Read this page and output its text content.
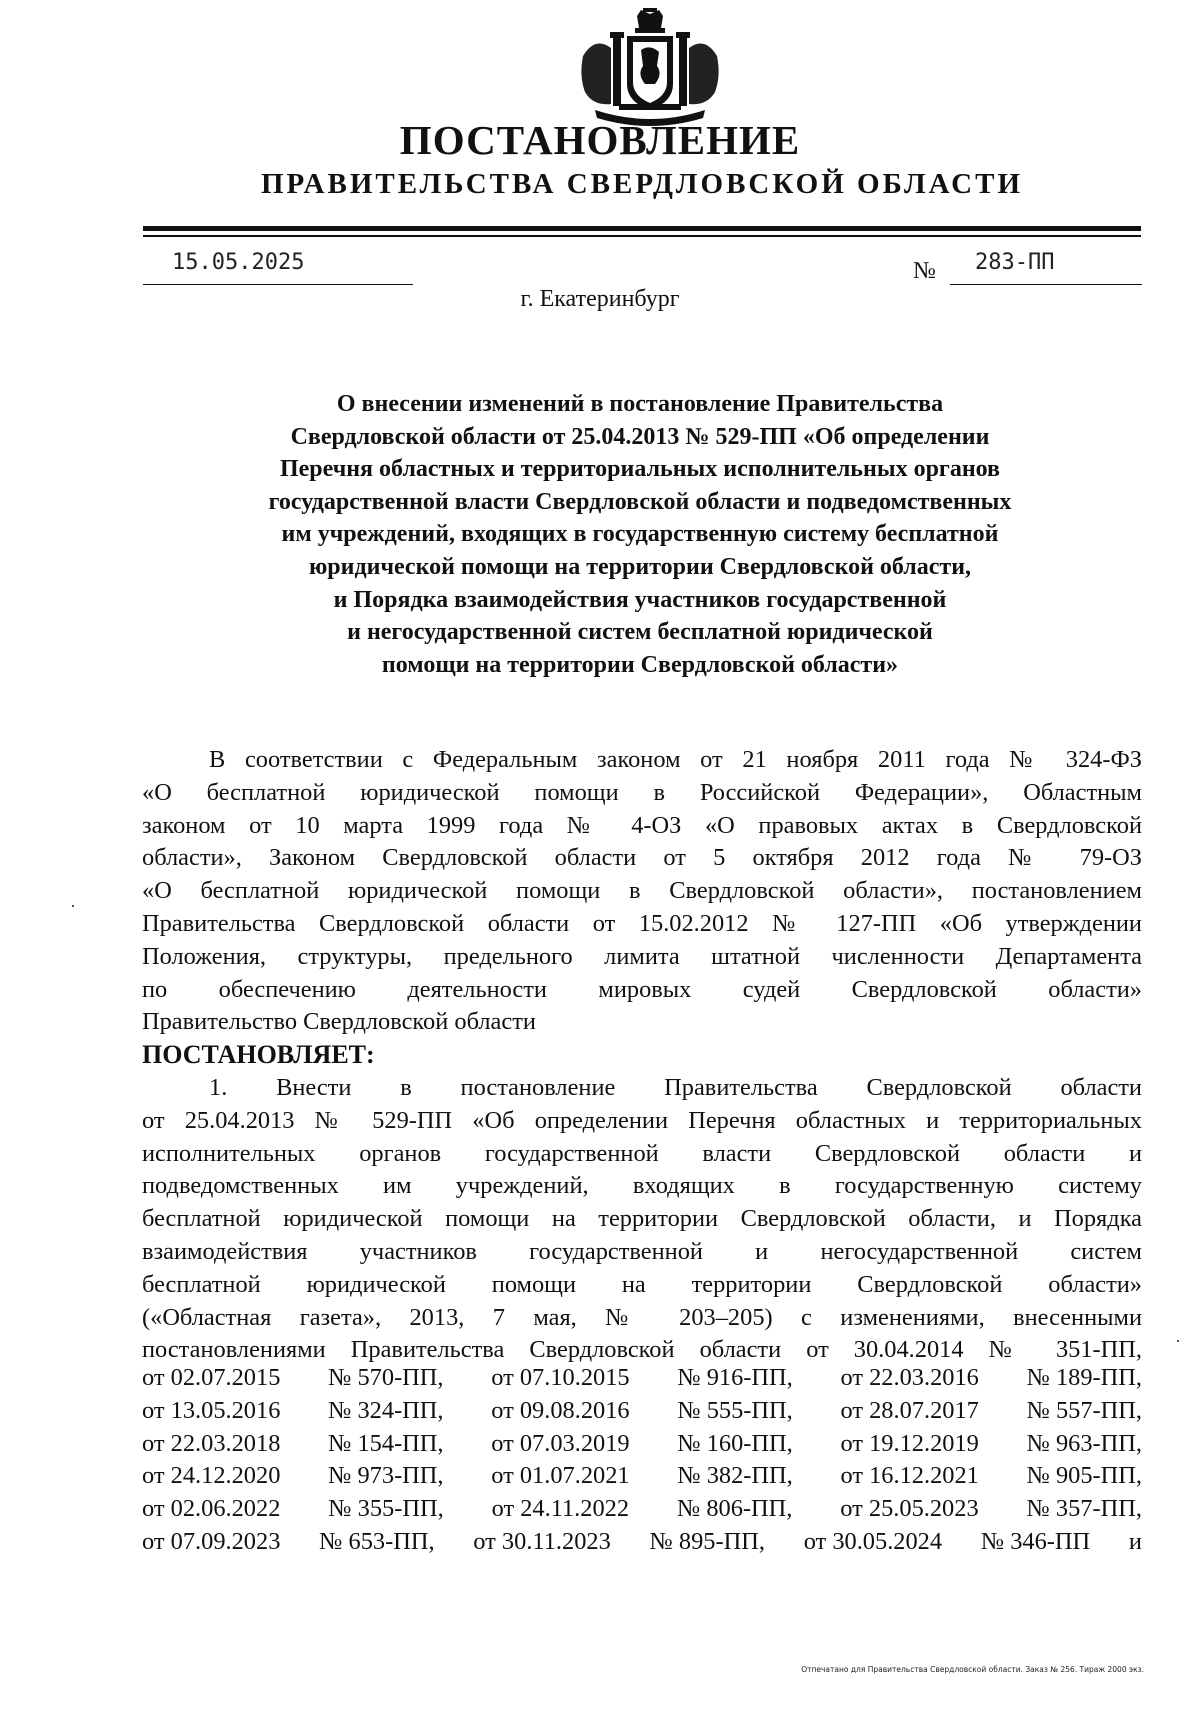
ПОСТАНОВЛЕНИЕ
ПРАВИТЕЛЬСТВА СВЕРДЛОВСКОЙ ОБЛАСТИ
15.05.2025	№ 283-ПП
г. Екатеринбург
О внесении изменений в постановление Правительства
Свердловской области от 25.04.2013 № 529-ПП «Об определении
Перечня областных и территориальных исполнительных органов
государственной власти Свердловской области и подведомственных
им учреждений, входящих в государственную систему бесплатной
юридической помощи на территории Свердловской области,
и Порядка взаимодействия участников государственной
и негосударственной систем бесплатной юридической
помощи на территории Свердловской области»
В соответствии с Федеральным законом от 21 ноября 2011 года № 324-ФЗ
«О бесплатной юридической помощи в Российской Федерации», Областным
законом от 10 марта 1999 года № 4-ОЗ «О правовых актах в Свердловской
области», Законом Свердловской области от 5 октября 2012 года № 79-ОЗ
«О бесплатной юридической помощи в Свердловской области», постановлением
Правительства Свердловской области от 15.02.2012 № 127-ПП «Об утверждении
Положения, структуры, предельного лимита штатной численности Департамента
по обеспечению деятельности мировых судей Свердловской области»
Правительство Свердловской области
ПОСТАНОВЛЯЕТ:
1. Внести в постановление Правительства Свердловской области
от 25.04.2013 № 529-ПП «Об определении Перечня областных и территориальных
исполнительных органов государственной власти Свердловской области и
подведомственных им учреждений, входящих в государственную систему
бесплатной юридической помощи на территории Свердловской области, и Порядка
взаимодействия участников государственной и негосударственной систем
бесплатной юридической помощи на территории Свердловской области»
(«Областная газета», 2013, 7 мая, № 203–205) с изменениями, внесенными
постановлениями Правительства Свердловской области от 30.04.2014 № 351-ПП,
от 02.07.2015 № 570-ПП, от 07.10.2015 № 916-ПП, от 22.03.2016 № 189-ПП,
от 13.05.2016 № 324-ПП, от 09.08.2016 № 555-ПП, от 28.07.2017 № 557-ПП,
от 22.03.2018 № 154-ПП, от 07.03.2019 № 160-ПП, от 19.12.2019 № 963-ПП,
от 24.12.2020 № 973-ПП, от 01.07.2021 № 382-ПП, от 16.12.2021 № 905-ПП,
от 02.06.2022 № 355-ПП, от 24.11.2022 № 806-ПП, от 25.05.2023 № 357-ПП,
от 07.09.2023 № 653-ПП, от 30.11.2023 № 895-ПП, от 30.05.2024 № 346-ПП и
Отпечатано для Правительства Свердловской области. Заказ № 256. Тираж 2000 экз.
